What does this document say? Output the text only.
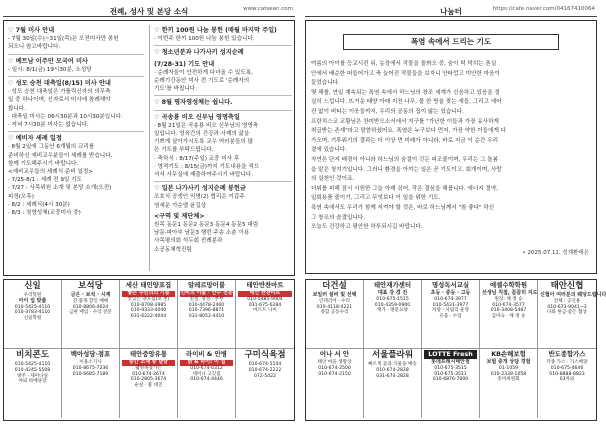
전례, 성사 및 본당 소식	www.catsean.com
♡ 7월 미사 안내
- 7월 30일(수)~31일(목)은 오전미사만 봉헌
되오니 참고바랍니다.
♡ 베트남 이주민 모국어 미사
- 일시: 8/1(금) 19시30분, 소성당
♡ 성모 승천 대축일(8/15) 미사 안내
· 성모 승천 대축일은 가톨릭신자의 의무축
일 중 하나이며, 신자로서 미사에 참례해야
합니다.
· 대축일 미사는 06시30분과 10시30분입니다.
· 저녁 7시30분 미사는 없습니다.
♡ 예비자 세례 일정
· 8월 2일에 그동안 6개월의 교리를
준비하신 예비교우분들이 세례를 받습니다.
함께 기도해주시기 바랍니다.
<예비교우들의 세례식 준비 일정>
· 7/25-8/1 : 세례 전 9일 기도
· 7/27 : 사목위원 소개 및 본당 소개(오전)
피정(오후)
· 8/2 : 세례식(4시 30분)
· 8/3 : 첫영성체(교중미사 중)
♡ 한끼 100원 나눔 봉헌 (매월 마지막 주일)
· 이번주 한끼 100원 나눔 봉헌 있습니다.
♡ 청소년분과 나가사키 성지순례
(7/28-31) 기도 안내
· 순례자들이 안전하게 다녀올 수 있도록,
순례기간동안 미사 전 기도로 '순례자의
기도'를 바칩니다.
♡ 8월 평자영성체는 쉽니다.
♡ 곡송룡 비오 신부님 영명축일
· 8월 21일은 곡송룡 비오 신부님의 영명축
일입니다. 영육간의 건강과 사제의 삶을
기쁘게 살아가시도록 교우 여러분들의 많
은 기도를 부탁드립니다.
· 축하식 : 8/17(주일) 교중 미사 후
· 영적기도 : 8/15(금)까지 기도내용을 적으
셔서 사무실에 제출하여주시기 바랍니다.
♡ 일본 나가사키 성지순례 봉헌금
조호식 공생인 익명(2) 협리순 이갑주
염세운 가순엘 윤길상
<구역 및 제단체>
원목 동문1 동문2 동문3 동문4 동문5 대림
남문·파아부 남문3 행번 주송 소춘 이용
사목평의회 석두회 전례분과
소공동체혁진팀
신일
우리학원
아이 입 맞춤
010-5425-4110
010-3783-4110
신일학원
보석당
금은 · 보석 · 시계
전 품목 할인 매매
010-8806-4624
금판 매입 · 수리 전문
세산 태민양포집
좋은 주민의의 기쁨
맛있는 양포집(보 천)
010-8708-3985
010-9333-4040
031-6222-4044
알레르망이불
신비의 이불 · 안수 전문
친절, 정성 · 부부
010-4478-2460
010-7396-8871
031-8052-4410
태안반찬마트
태안 반찬마트
010-5485-9904
031-675-6284
마르트 나미
비치콘도
010-5425-4110
010-4245-5508
방주 · 세미나실
야외 바베큐장
백아성당·점포
이용소기사
010-8675-7236
010-6685-7189
태안중앙유통
중간 소재 중 남남
웰빙목장가든
010-674-2674
010-2805-3674
순살 · 불 대진
라이비 & 안병
닭 & 하이! 이 집
010-674-0312
세미나 고깃집
010-674-4446
구미식육점
010-674-5144
010-674-2222
072-5422
나눔터	https://cafe.naver.com/04167410064
폭염 속에서 드리는 기도
여름의 아이를 등교시킨 뒤, 농장에서 작물을 돌봐오 중, 숨이 턱 막히는 폰실
안에서 배순한 떠들어가고 축 늘어진 작물들을 보자니 안타깝고 미안한 마음이
들었습니다.
몇 해를, 연일 계속되는 폭염 속에서 하느님의 창조 세계가 신음하고 있음을 절
실히 느낍니다. 뜨거운 태양 아래 지친 나무, 물 한 방울 찾는 새들, 그리고 에어
컨 없이 버티는 이웃들까지, 우리의 공동의 집이 앓는 있습니다.
프란치스코 교황님은 찬미받으소서에서 지구를 "가난한 이들과 가장 유사하게
취급받는 존재"라고 말씀하셨어요. 폭염은 누구보다 먼저, 가장 약한 이들에게 다
가오며, 기후위기의 결과는 더 이상 먼 미래가 아니라, 바로 지금 이 순간 우리
곁에 있습니다.
자연은 단지 배경이 아니라 하느님의 숨결이 깃든 피조물이며, 우리는 그 돌봄
을 맡은 청지기입니다. 그러니 환경을 아끼는 일은 곧 기도이고, 회개이며, 사랑
의 실천인 것이죠.
더위를 피해 잠시 시원한 그늘 아래 쉬어, 작은 결심을 해봅니다. 에너지 절약,
일회용품 줄이기, 그리고 무엇보다 이 일을 위한 기도.
폭염 속에서도 우리가 함께 지켜야 할 것은, 바로 하느님께서 "참 좋다" 하신
그 창조의 숨결입니다.
오늘도 건강하고 평안한 하루되시길 바랍니다.
• 2025.07.11. 성재환레온
더건설
보일러 설비 및 선택
인테리어 · 수리
010-4118-4221
종합 공동수리
태안재가센터
대표 강 경 진
010-675-1515
010-4359-0900
재가 · 방문요양
명성독서교실
초등 · 중등 · 고등
010-674-3977
010-5431-3977
차량 · 서림리 운영
유품 · 수업
에셀수학학원
선생님 직접, 꼼꼼히 지도
원장: 채 정 승
010-674-3577
010-3408-5487
김미숙 · 채 정 승
태안신협
신협이 여러분의 웨딩드립니다
전체 : 공인용
010-673-9041~3
다와 현금·좋은 협상
어나 서 안
태안 마을 생활상
010-674-2500
010-674-2150
서울플라워
빠르게 꽃과 식물을 배송
010-674-2828
031-674-2828
LOTTE Fresh
롯데프레시태안점
010-675-3515
010-675-3511
010-6876-7000
KB손해보험
보험 중개 상담 경험
01-1059
010-2338-1058
흥미위원회
반도종합가스
각종 가스 · 가스배달
010-675-4646
010-8888-8823
03자외
